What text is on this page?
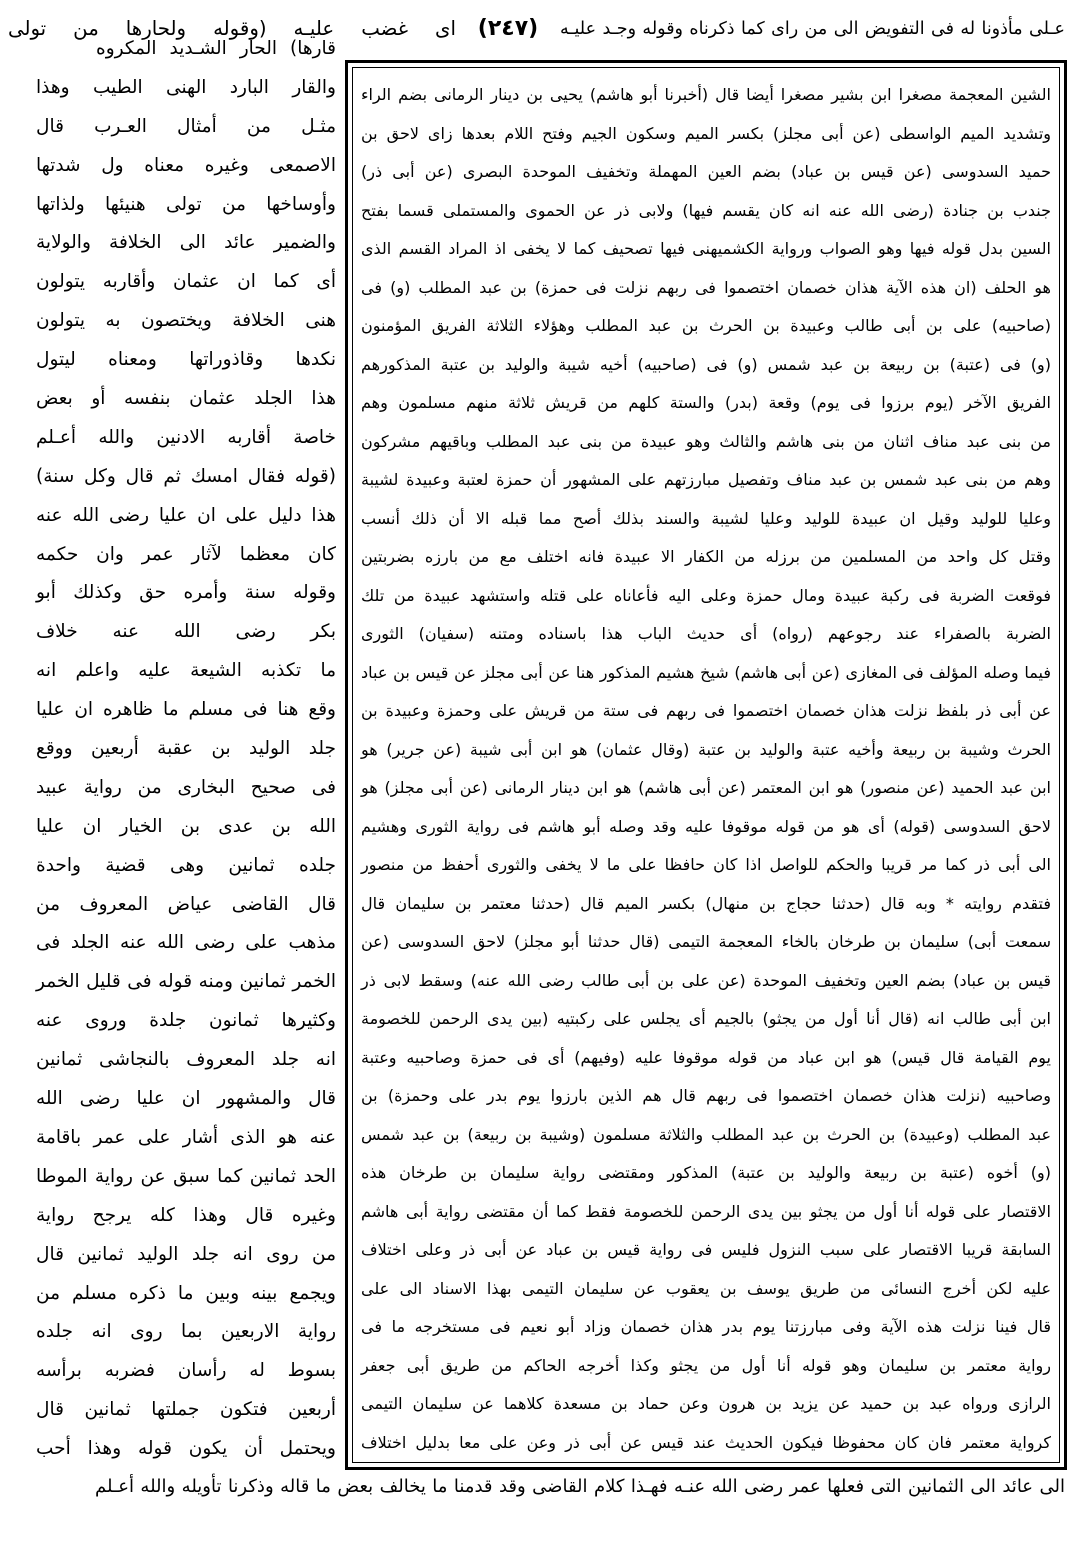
عـلى مأذونا له فى التفويض الى من راى كما ذكرناه وقوله وجـد عليـه
(٢٤٧)
اى غضب عليـه (وقوله ولحارها من تولى
قارها) الحار الشـديد المكروه
والقار البارد الهنى الطيب وهذا
مثـل من أمثال العـرب قال
الاصمعى وغيره معناه ول شدتها
وأوساخها من تولى هنيئها ولذاتها
والضمير عائد الى الخلافة والولاية
أى كما ان عثمان وأقاربه يتولون
هنى الخلافة ويختصون به يتولون
نكدها وقاذوراتها ومعناه ليتول
هذا الجلد عثمان بنفسه أو بعض
خاصة أقاربه الادنين والله أعـلم
(قوله فقال امسك ثم قال وكل سنة)
هذا دليل على ان عليا رضى الله عنه
كان معظما لآثار عمر وان حكمه
وقوله سنة وأمره حق وكذلك أبو
بكر رضى الله عنه خلاف
ما تكذبه الشيعة عليه واعلم انه
وقع هنا فى مسلم ما ظاهره ان عليا
جلد الوليد بن عقبة أربعين ووقع
فى صحيح البخارى من رواية عبيد
الله بن عدى بن الخيار ان عليا
جلده ثمانين وهى قضية واحدة
قال القاضى عياض المعروف من
مذهب على رضى الله عنه الجلد فى
الخمر ثمانين ومنه قوله فى قليل الخمر
وكثيرها ثمانون جلدة وروى عنه
انه جلد المعروف بالنجاشى ثمانين
قال والمشهور ان عليا رضى الله
عنه هو الذى أشار على عمر باقامة
الحد ثمانين كما سبق عن رواية الموطا
وغيره قال وهذا كله يرجح رواية
من روى انه جلد الوليد ثمانين قال
ويجمع بينه وبين ما ذكره مسلم من
رواية الاربعين بما روى انه جلده
بسوط له رأسان فضربه برأسه
أربعين فتكون جملتها ثمانين قال
ويحتمل أن يكون قوله وهذا أحب
الشين المعجمة مصغرا ابن بشير مصغرا أيضا قال (أخبرنا أبو هاشم) يحيى بن دينار الرمانى بضم الراء
وتشديد الميم الواسطى (عن أبى مجلز) بكسر الميم وسكون الجيم وفتح اللام بعدها زاى لاحق بن
حميد السدوسى (عن قيس بن عباد) بضم العين المهملة وتخفيف الموحدة البصرى (عن أبى ذر)
جندب بن جنادة (رضى الله عنه انه كان يقسم فيها) ولابى ذر عن الحموى والمستملى قسما بفتح
السين بدل قوله فيها وهو الصواب ورواية الكشميهنى فيها تصحيف كما لا يخفى اذ المراد القسم الذى
هو الحلف (ان هذه الآية هذان خصمان اختصموا فى ربهم نزلت فى حمزة) بن عبد المطلب (و) فى
(صاحبيه) على بن أبى طالب وعبيدة بن الحرث بن عبد المطلب وهؤلاء الثلاثة الفريق المؤمنون
(و) فى (عتبة) بن ربيعة بن عبد شمس (و) فى (صاحبيه) أخيه شيبة والوليد بن عتبة المذكورهم
الفريق الآخر (يوم برزوا فى يوم) وقعة (بدر) والستة كلهم من قريش ثلاثة منهم مسلمون وهم
من بنى عبد مناف اثنان من بنى هاشم والثالث وهو عبيدة من بنى عبد المطلب وباقيهم مشركون
وهم من بنى عبد شمس بن عبد مناف وتفصيل مبارزتهم على المشهور أن حمزة لعتبة وعبيدة لشيبة
وعليا للوليد وقيل ان عبيدة للوليد وعليا لشيبة والسند بذلك أصح مما قبله الا أن ذلك أنسب
وقتل كل واحد من المسلمين من برزله من الكفار الا عبيدة فانه اختلف مع من بارزه بضربتين
فوقعت الضربة فى ركبة عبيدة ومال حمزة وعلى اليه فأعاناه على قتله واستشهد عبيدة من تلك
الضربة بالصفراء عند رجوعهم (رواه) أى حديث الباب هذا باسناده ومتنه (سفيان) الثورى
فيما وصله المؤلف فى المغازى (عن أبى هاشم) شيخ هشيم المذكور هنا عن أبى مجلز عن قيس بن عباد
عن أبى ذر بلفظ نزلت هذان خصمان اختصموا فى ربهم فى ستة من قريش على وحمزة وعبيدة بن
الحرث وشيبة بن ربيعة وأخيه عتبة والوليد بن عتبة (وقال عثمان) هو ابن أبى شيبة (عن جرير) هو
ابن عبد الحميد (عن منصور) هو ابن المعتمر (عن أبى هاشم) هو ابن دينار الرمانى (عن أبى مجلز) هو
لاحق السدوسى (قوله) أى هو من قوله موقوفا عليه وقد وصله أبو هاشم فى رواية الثورى وهشيم
الى أبى ذر كما مر قريبا والحكم للواصل اذا كان حافظا على ما لا يخفى والثورى أحفظ من منصور
فتقدم روايته * وبه قال (حدثنا حجاج بن منهال) بكسر الميم قال (حدثنا معتمر بن سليمان قال
سمعت أبى) سليمان بن طرخان بالخاء المعجمة التيمى (قال حدثنا أبو مجلز) لاحق السدوسى (عن
قيس بن عباد) بضم العين وتخفيف الموحدة (عن على بن أبى طالب رضى الله عنه) وسقط لابى ذر
ابن أبى طالب انه (قال أنا أول من يجثو) بالجيم أى يجلس على ركبتيه (بين يدى الرحمن للخصومة
يوم القيامة قال قيس) هو ابن عباد من قوله موقوفا عليه (وفيهم) أى فى حمزة وصاحبيه وعتبة
وصاحبيه (نزلت هذان خصمان اختصموا فى ربهم قال هم الذين بارزوا يوم بدر على وحمزة) بن
عبد المطلب (وعبيدة) بن الحرث بن عبد المطلب والثلاثة مسلمون (وشيبة بن ربيعة) بن عبد شمس
(و) أخوه (عتبة بن ربيعة والوليد بن عتبة) المذكور ومقتضى رواية سليمان بن طرخان هذه
الاقتصار على قوله أنا أول من يجثو بين يدى الرحمن للخصومة فقط كما أن مقتضى رواية أبى هاشم
السابقة قريبا الاقتصار على سبب النزول فليس فى رواية قيس بن عباد عن أبى ذر وعلى اختلاف
عليه لكن أخرج النسائى من طريق يوسف بن يعقوب عن سليمان التيمى بهذا الاسناد الى على
قال فينا نزلت هذه الآية وفى مبارزتنا يوم بدر هذان خصمان وزاد أبو نعيم فى مستخرجه ما فى
رواية معتمر بن سليمان وهو قوله أنا أول من يجثو وكذا أخرجه الحاكم من طريق أبى جعفر
الرازى ورواه عبد بن حميد عن يزيد بن هرون وعن حماد بن مسعدة كلاهما عن سليمان التيمى
كرواية معتمر فان كان محفوظا فيكون الحديث عند قيس عن أبى ذر وعن على معا بدليل اختلاف
الى عائد الى الثمانين التى فعلها عمر رضى الله عنـه فهـذا كلام القاضى وقد قدمنا ما يخالف بعض ما قاله وذكرنا تأويله والله أعـلم
